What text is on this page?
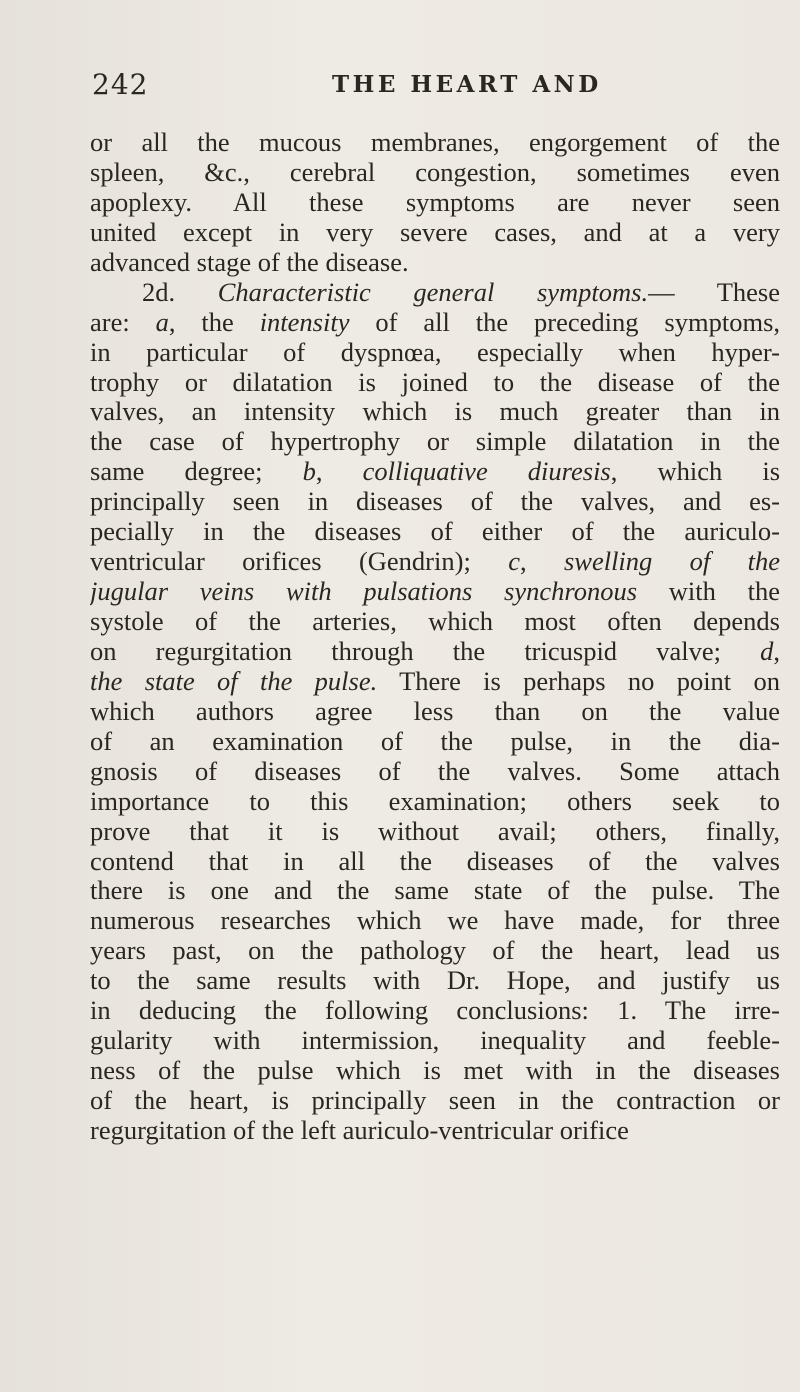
242	THE HEART AND
or all the mucous membranes, engorgement of the
spleen, &c., cerebral congestion, sometimes even
apoplexy. All these symptoms are never seen
united except in very severe cases, and at a very
advanced stage of the disease.
2d. Characteristic general symptoms.— These
are: a, the intensity of all the preceding symptoms,
in particular of dyspnœa, especially when hyper-
trophy or dilatation is joined to the disease of the
valves, an intensity which is much greater than in
the case of hypertrophy or simple dilatation in the
same degree; b, colliquative diuresis, which is
principally seen in diseases of the valves, and es-
pecially in the diseases of either of the auriculo-
ventricular orifices (Gendrin); c, swelling of the
jugular veins with pulsations synchronous with the
systole of the arteries, which most often depends
on regurgitation through the tricuspid valve; d,
the state of the pulse. There is perhaps no point on
which authors agree less than on the value
of an examination of the pulse, in the dia-
gnosis of diseases of the valves. Some attach
importance to this examination; others seek to
prove that it is without avail; others, finally,
contend that in all the diseases of the valves
there is one and the same state of the pulse. The
numerous researches which we have made, for three
years past, on the pathology of the heart, lead us
to the same results with Dr. Hope, and justify us
in deducing the following conclusions: 1. The irre-
gularity with intermission, inequality and feeble-
ness of the pulse which is met with in the diseases
of the heart, is principally seen in the contraction or
regurgitation of the left auriculo-ventricular orifice
